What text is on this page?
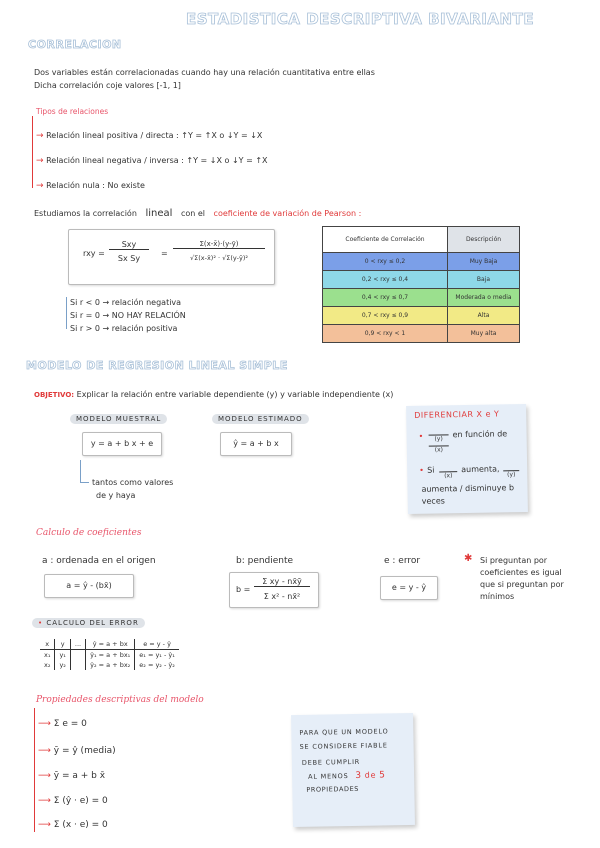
ESTADISTICA DESCRIPTIVA BIVARIANTE
CORRELACION
Dos variables están correlacionadas cuando hay una relación cuantitativa entre ellas
Dicha correlación coje valores [-1, 1]
Tipos de relaciones
→ Relación lineal positiva / directa : ↑Y = ↑X o ↓Y = ↓X
→ Relación lineal negativa / inversa : ↑Y = ↓X o ↓Y = ↑X
→ Relación nula : No existe
Estudiamos la correlación lineal con el coeficiente de variación de Pearson :
rxy =
Sxy
Sx Sy
=
Σ(x-x̄)·(y-ȳ)
√Σ(x-x̄)² · √Σ(y-ȳ)²
Si r < 0 → relación negativa
Si r = 0 → NO HAY RELACIÓN
Si r > 0 → relación positiva
Coeficiente de Correlación	Descripción
0 < rxy ≤ 0,2	Muy Baja
0,2 < rxy ≤ 0,4	Baja
0,4 < rxy ≤ 0,7	Moderada o media
0,7 < rxy ≤ 0,9	Alta
0,9 < rxy < 1	Muy alta
MODELO DE REGRESION LINEAL SIMPLE
OBJETIVO: Explicar la relación entre variable dependiente (y) y variable independiente (x)
MODELO MUESTRAL
y = a + b x + e
tantos como valores
de y haya
MODELO ESTIMADO
ŷ = a + b x
DIFERENCIAR X e Y
•
	(y)	en función de
(x)
• Si
(x)
aumenta,
(y)
aumenta / disminuye b
veces
Calculo de coeficientes
a : ordenada en el origen
a = ŷ - (bx̄)
b: pendiente
b =
Σ xy - nx̄ȳ
Σ x² - nx̄²
e : error
e = y - ŷ
✱ Si preguntan por
coeficientes es igual
que si preguntan por
mínimos
• CALCULO DEL ERROR
x	y	...	ŷ = a + bx	e = y - ŷ
x₁	y₁		ŷ₁ = a + bx₁	e₁ = y₁ - ŷ₁
x₂	y₂		ŷ₂ = a + bx₂	e₂ = y₂ - ŷ₂
Propiedades descriptivas del modelo
⟶ Σ e = 0
⟶ ȳ = ŷ (media)
⟶ ȳ = a + b x̄
⟶ Σ (ŷ · e) = 0
⟶ Σ (x · e) = 0
PARA QUE UN MODELO
SE CONSIDERE FIABLE
DEBE CUMPLIR
AL MENOS 3 de 5
PROPIEDADES
